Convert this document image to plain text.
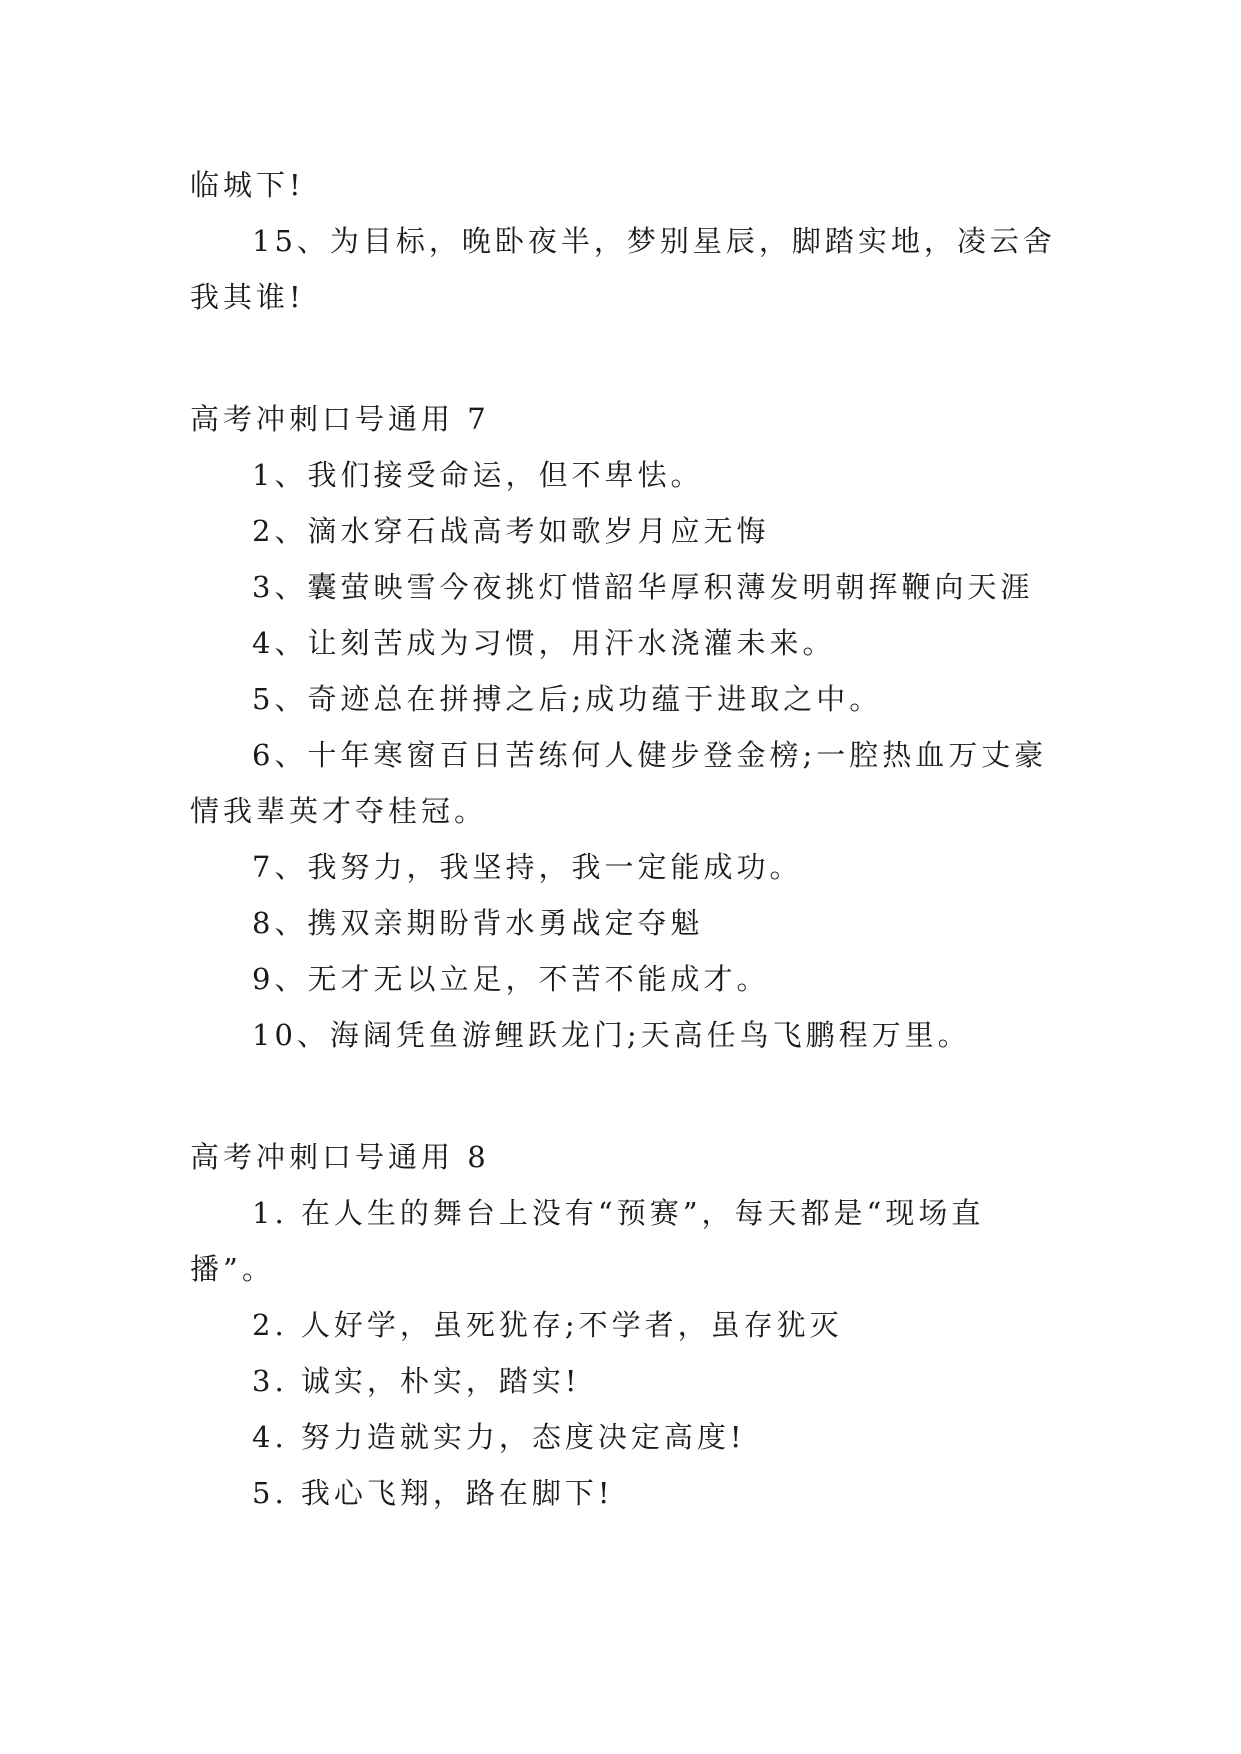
临城下!
15、为目标，晚卧夜半，梦别星辰，脚踏实地，凌云舍
我其谁!
高考冲刺口号通用 7
1、我们接受命运，但不卑怯。
2、滴水穿石战高考如歌岁月应无悔
3、囊萤映雪今夜挑灯惜韶华厚积薄发明朝挥鞭向天涯
4、让刻苦成为习惯，用汗水浇灌未来。
5、奇迹总在拼搏之后;成功蕴于进取之中。
6、十年寒窗百日苦练何人健步登金榜;一腔热血万丈豪
情我辈英才夺桂冠。
7、我努力，我坚持，我一定能成功。
8、携双亲期盼背水勇战定夺魁
9、无才无以立足，不苦不能成才。
10、海阔凭鱼游鲤跃龙门;天高任鸟飞鹏程万里。
高考冲刺口号通用 8
1. 在人生的舞台上没有“预赛”，每天都是“现场直
播”。
2. 人好学，虽死犹存;不学者，虽存犹灭
3. 诚实，朴实，踏实!
4. 努力造就实力，态度决定高度!
5. 我心飞翔，路在脚下!
